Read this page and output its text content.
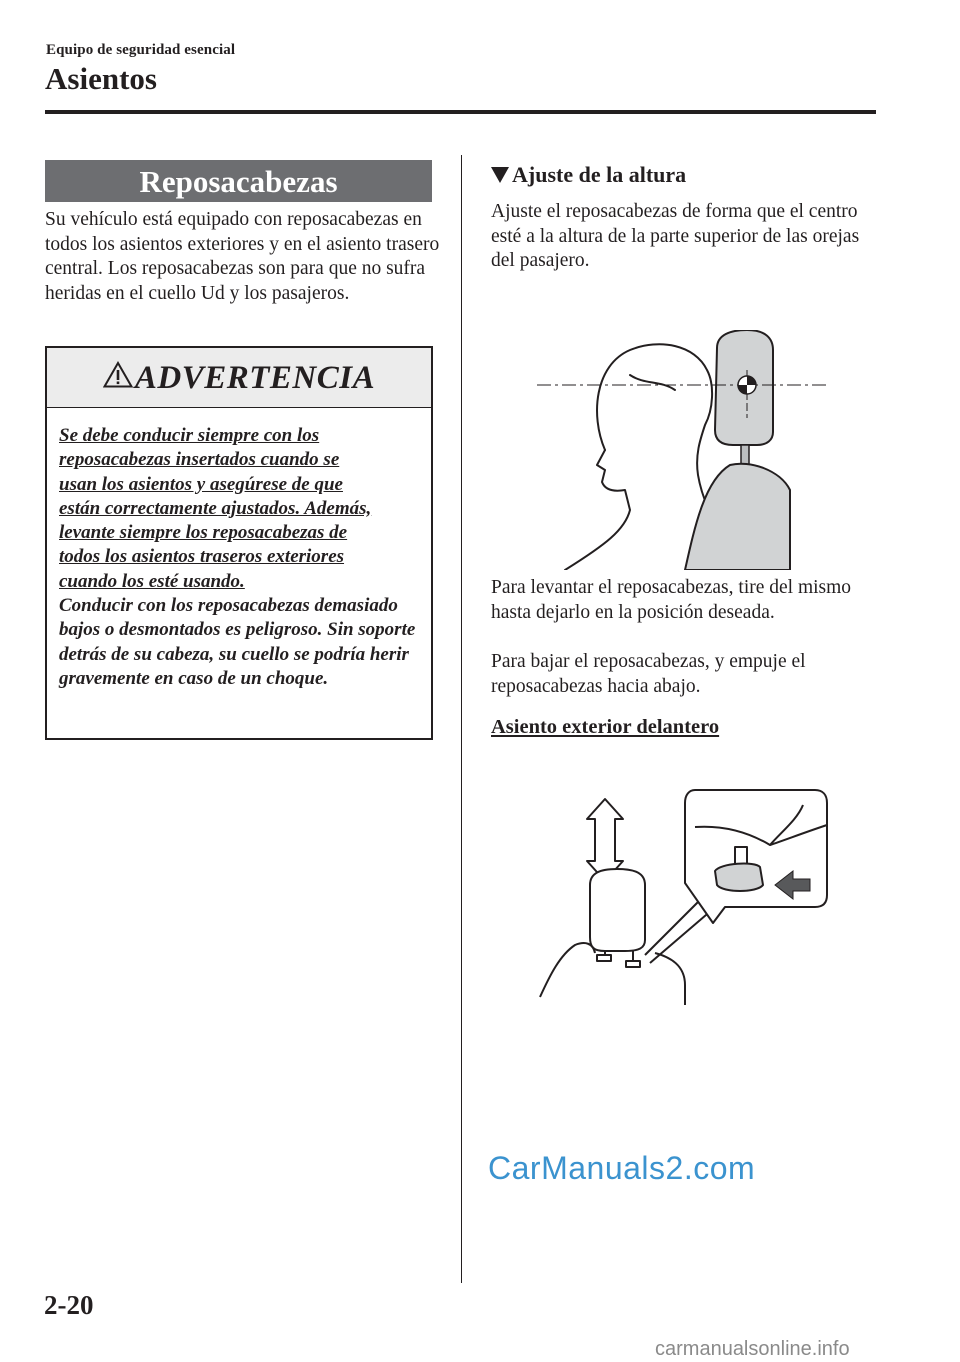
Equipo de seguridad esencial
Asientos
Reposacabezas
Su vehículo está equipado con reposacabezas en todos los asientos exteriores y en el asiento trasero central. Los reposacabezas son para que no sufra heridas en el cuello Ud y los pasajeros.
ADVERTENCIA
Se debe conducir siempre con los
reposacabezas insertados cuando se
usan los asientos y asegúrese de que
están correctamente ajustados. Además,
levante siempre los reposacabezas de
todos los asientos traseros exteriores
cuando los esté usando.
Conducir con los reposacabezas demasiado bajos o desmontados es peligroso. Sin soporte detrás de su cabeza, su cuello se podría herir gravemente en caso de un choque.
Ajuste de la altura
Ajuste el reposacabezas de forma que el centro esté a la altura de la parte superior de las orejas del pasajero.
Para levantar el reposacabezas, tire del mismo hasta dejarlo en la posición deseada.
Para bajar el reposacabezas, y empuje el reposacabezas hacia abajo.
Asiento exterior delantero
CarManuals2.com
2-20
carmanualsonline.info
